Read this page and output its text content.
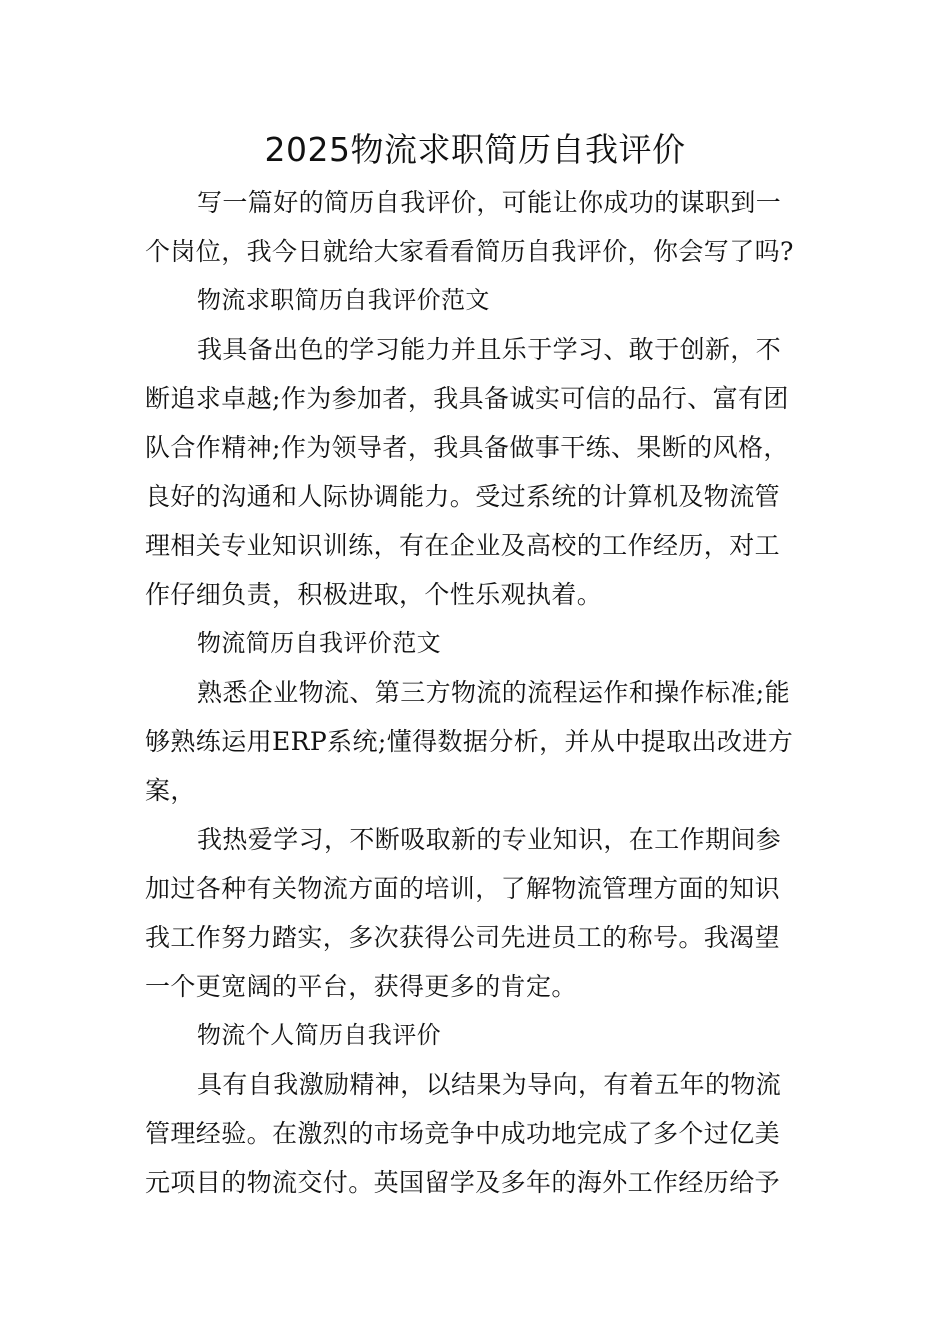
2025物流求职简历自我评价
写一篇好的简历自我评价，可能让你成功的谋职到一
个岗位，我今日就给大家看看简历自我评价，你会写了吗?
物流求职简历自我评价范文
我具备出色的学习能力并且乐于学习、敢于创新，不
断追求卓越;作为参加者，我具备诚实可信的品行、富有团
队合作精神;作为领导者，我具备做事干练、果断的风格，
良好的沟通和人际协调能力。受过系统的计算机及物流管
理相关专业知识训练，有在企业及高校的工作经历，对工
作仔细负责，积极进取，个性乐观执着。
物流简历自我评价范文
熟悉企业物流、第三方物流的流程运作和操作标准;能
够熟练运用ERP系统;懂得数据分析，并从中提取出改进方
案，
我热爱学习，不断吸取新的专业知识，在工作期间参
加过各种有关物流方面的培训，了解物流管理方面的知识
我工作努力踏实，多次获得公司先进员工的称号。我渴望
一个更宽阔的平台，获得更多的肯定。
物流个人简历自我评价
具有自我激励精神，以结果为导向，有着五年的物流
管理经验。在激烈的市场竞争中成功地完成了多个过亿美
元项目的物流交付。英国留学及多年的海外工作经历给予
